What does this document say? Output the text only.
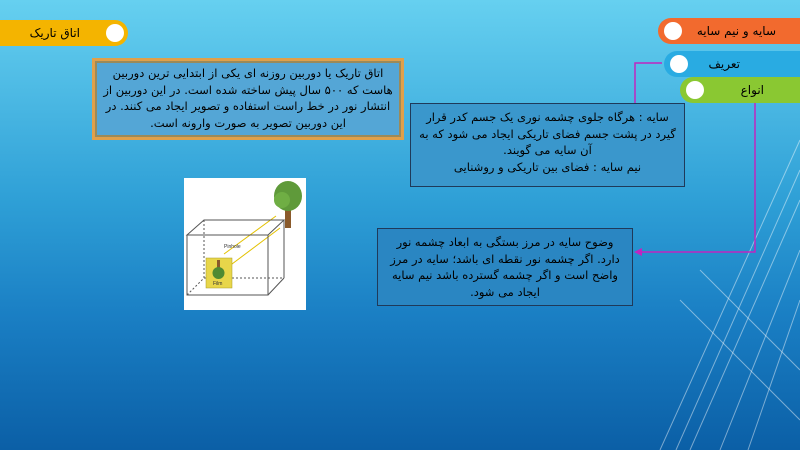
اتاق تاریک	سایه و نیم سایه
تعریف
انواع
اتاق تاریک یا دوربین روزنه ای یکی از ابتدایی ترین دوربین هاست که ۵۰۰ سال پیش ساخته شده است. در این دوربین از انتشار نور در خط راست استفاده و تصویر ایجاد می کنند. در این دوربین تصویر به صورت وارونه است.	سایه : هرگاه جلوی چشمه نوری یک جسم کدر قرار گیرد در پشت جسم فضای تاریکی ایجاد می شود که به آن سایه می گویند.
نیم سایه : فضای بین تاریکی و روشنایی
وضوح سایه در مرز بستگی به ابعاد چشمه نور دارد. اگر چشمه نور نقطه ای باشد؛ سایه در مرز واضح است و اگر چشمه گسترده باشد نیم سایه ایجاد می شود.
Pinhole
Film
